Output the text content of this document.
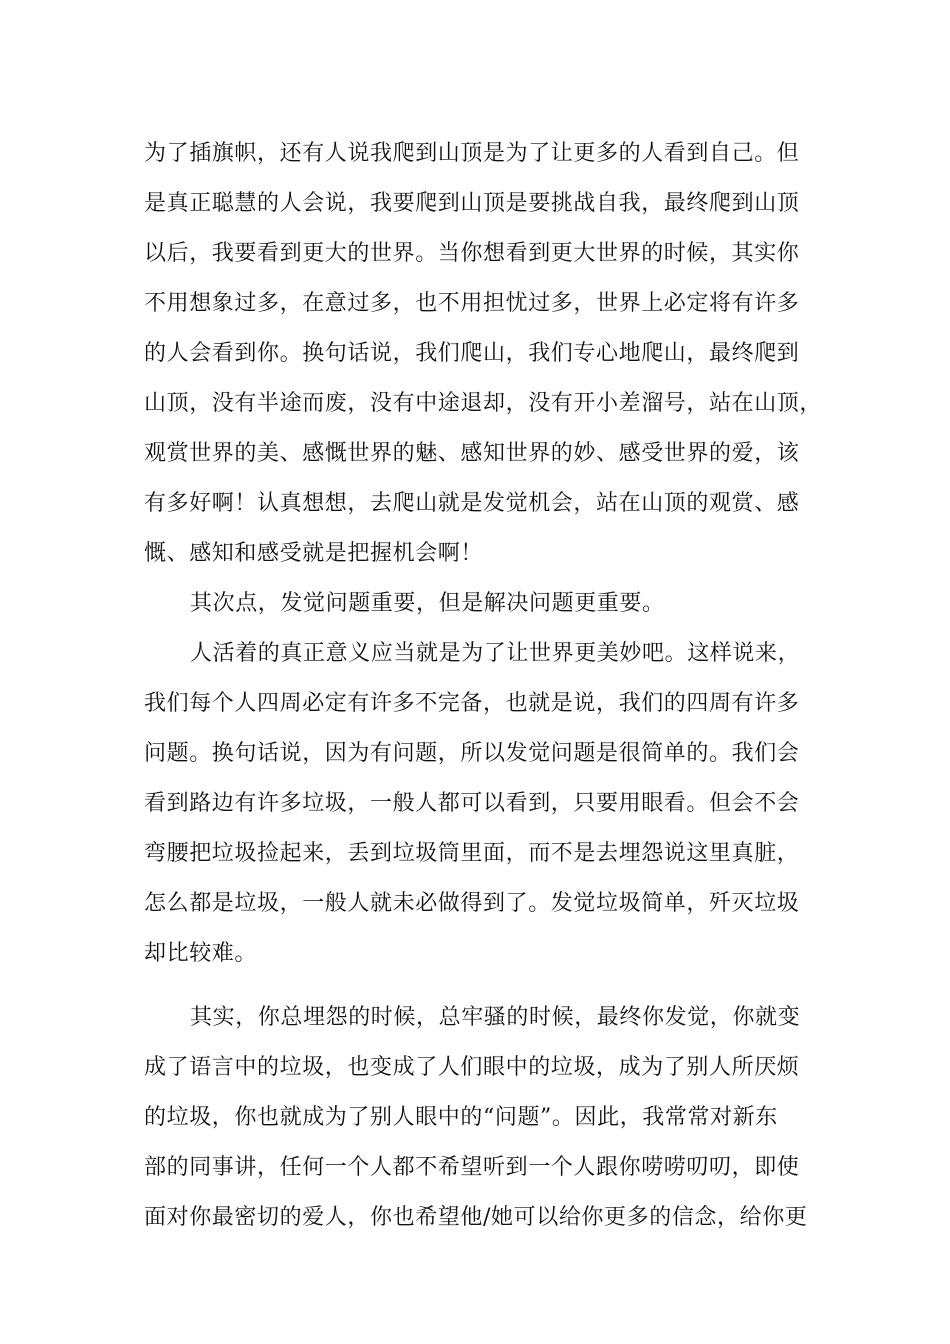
为了插旗帜，还有人说我爬到山顶是为了让更多的人看到自己。但
是真正聪慧的人会说，我要爬到山顶是要挑战自我，最终爬到山顶
以后，我要看到更大的世界。当你想看到更大世界的时候，其实你
不用想象过多，在意过多，也不用担忧过多，世界上必定将有许多
的人会看到你。换句话说，我们爬山，我们专心地爬山，最终爬到
山顶，没有半途而废，没有中途退却，没有开小差溜号，站在山顶，
观赏世界的美、感慨世界的魅、感知世界的妙、感受世界的爱，该
有多好啊！认真想想，去爬山就是发觉机会，站在山顶的观赏、感
慨、感知和感受就是把握机会啊！
其次点，发觉问题重要，但是解决问题更重要。
人活着的真正意义应当就是为了让世界更美妙吧。这样说来，
我们每个人四周必定有许多不完备，也就是说，我们的四周有许多
问题。换句话说，因为有问题，所以发觉问题是很简单的。我们会
看到路边有许多垃圾，一般人都可以看到，只要用眼看。但会不会
弯腰把垃圾捡起来，丢到垃圾筒里面，而不是去埋怨说这里真脏，
怎么都是垃圾，一般人就未必做得到了。发觉垃圾简单，歼灭垃圾
却比较难。
其实，你总埋怨的时候，总牢骚的时候，最终你发觉，你就变
成了语言中的垃圾，也变成了人们眼中的垃圾，成为了别人所厌烦
的垃圾，你也就成为了别人眼中的“问题”。因此，我常常对新东
部的同事讲，任何一个人都不希望听到一个人跟你唠唠叨叨，即使
面对你最密切的爱人，你也希望他/她可以给你更多的信念，给你更
